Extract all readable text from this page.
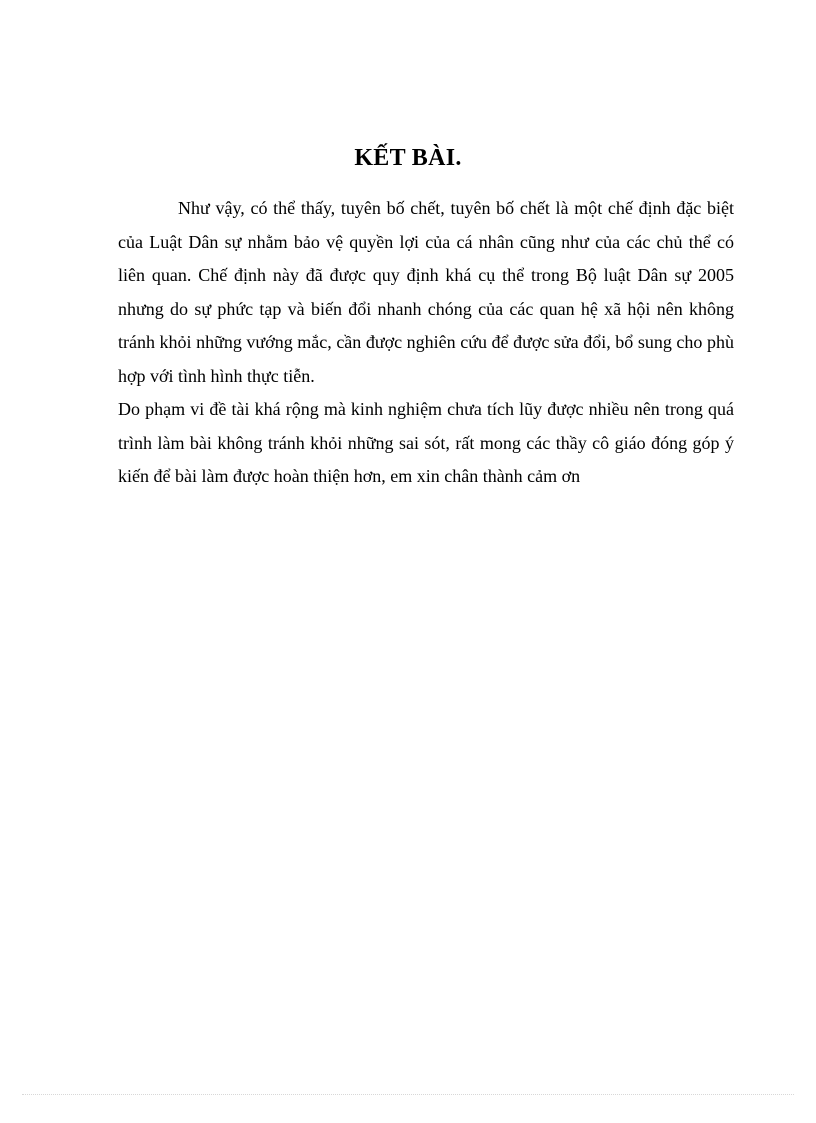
KẾT BÀI.

Như vậy, có thể thấy, tuyên bố chết, tuyên bố chết là một chế định đặc biệt của Luật Dân sự nhằm bảo vệ quyền lợi của cá nhân cũng như của các chủ thể có liên quan. Chế định này đã được quy định khá cụ thể trong Bộ luật Dân sự 2005 nhưng do sự phức tạp và biến đổi nhanh chóng của các quan hệ xã hội nên không tránh khỏi những vướng mắc, cần được nghiên cứu để được sửa đổi, bổ sung cho phù hợp với tình hình thực tiễn.

Do phạm vi đề tài khá rộng mà kinh nghiệm chưa tích lũy được nhiều nên trong quá trình làm bài không tránh khỏi những sai sót, rất mong các thầy cô giáo đóng góp ý kiến để bài làm được hoàn thiện hơn, em xin chân thành cảm ơn
